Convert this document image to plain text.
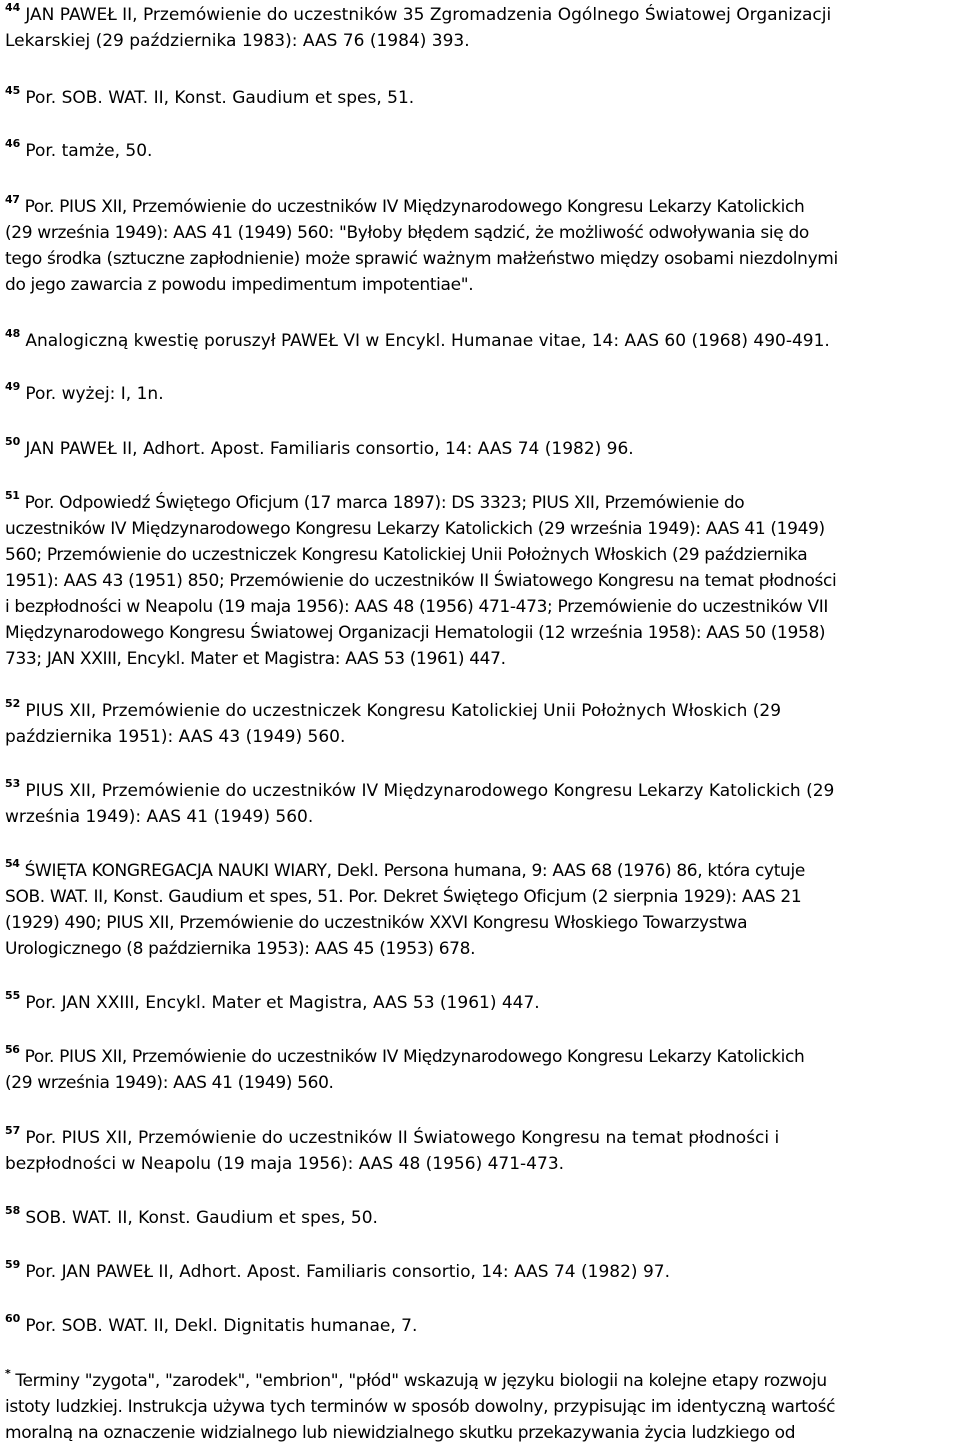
$^{44}$ JAN PAWEŁ II, Przemówienie do uczestników 35 Zgromadzenia Ogólnego Światowej Organizacji
Lekarskiej (29 października 1983): AAS 76 (1984) 393.

$^{45}$ Por. SOB. WAT. II, Konst. Gaudium et spes, 51.

$^{46}$ Por. tamże, 50.

$^{47}$ Por. PIUS XII, Przemówienie do uczestników IV Międzynarodowego Kongresu Lekarzy Katolickich
(29 września 1949): AAS 41 (1949) 560: "Byłoby błędem sądzić, że możliwość odwoływania się do
tego środka (sztuczne zapłodnienie) może sprawić ważnym małżeństwo między osobami niezdolnymi
do jego zawarcia z powodu impedimentum impotentiae".

$^{48}$ Analogiczną kwestię poruszył PAWEŁ VI w Encykl. Humanae vitae, 14: AAS 60 (1968) 490-491.

$^{49}$ Por. wyżej: I, 1n.

$^{50}$ JAN PAWEŁ II, Adhort. Apost. Familiaris consortio, 14: AAS 74 (1982) 96.

$^{51}$ Por. Odpowiedź Świętego Oficjum (17 marca 1897): DS 3323; PIUS XII, Przemówienie do
uczestników IV Międzynarodowego Kongresu Lekarzy Katolickich (29 września 1949): AAS 41 (1949)
560; Przemówienie do uczestniczek Kongresu Katolickiej Unii Położnych Włoskich (29 października
1951): AAS 43 (1951) 850; Przemówienie do uczestników II Światowego Kongresu na temat płodności
i bezpłodności w Neapolu (19 maja 1956): AAS 48 (1956) 471-473; Przemówienie do uczestników VII
Międzynarodowego Kongresu Światowej Organizacji Hematologii (12 września 1958): AAS 50 (1958)
733; JAN XXIII, Encykl. Mater et Magistra: AAS 53 (1961) 447.

$^{52}$ PIUS XII, Przemówienie do uczestniczek Kongresu Katolickiej Unii Położnych Włoskich (29
października 1951): AAS 43 (1949) 560.

$^{53}$ PIUS XII, Przemówienie do uczestników IV Międzynarodowego Kongresu Lekarzy Katolickich (29
września 1949): AAS 41 (1949) 560.

$^{54}$ ŚWIĘTA KONGREGACJA NAUKI WIARY, Dekl. Persona humana, 9: AAS 68 (1976) 86, która cytuje
SOB. WAT. II, Konst. Gaudium et spes, 51. Por. Dekret Świętego Oficjum (2 sierpnia 1929): AAS 21
(1929) 490; PIUS XII, Przemówienie do uczestników XXVI Kongresu Włoskiego Towarzystwa
Urologicznego (8 października 1953): AAS 45 (1953) 678.

$^{55}$ Por. JAN XXIII, Encykl. Mater et Magistra, AAS 53 (1961) 447.

$^{56}$ Por. PIUS XII, Przemówienie do uczestników IV Międzynarodowego Kongresu Lekarzy Katolickich
(29 września 1949): AAS 41 (1949) 560.

$^{57}$ Por. PIUS XII, Przemówienie do uczestników II Światowego Kongresu na temat płodności i
bezpłodności w Neapolu (19 maja 1956): AAS 48 (1956) 471-473.

$^{58}$ SOB. WAT. II, Konst. Gaudium et spes, 50.

$^{59}$ Por. JAN PAWEŁ II, Adhort. Apost. Familiaris consortio, 14: AAS 74 (1982) 97.

$^{60}$ Por. SOB. WAT. II, Dekl. Dignitatis humanae, 7.

* Terminy "zygota", "zarodek", "embrion", "płód" wskazują w języku biologii na kolejne etapy rozwoju
istoty ludzkiej. Instrukcja używa tych terminów w sposób dowolny, przypisując im identyczną wartość
moralną na oznaczenie widzialnego lub niewidzialnego skutku przekazywania życia ludzkiego od
